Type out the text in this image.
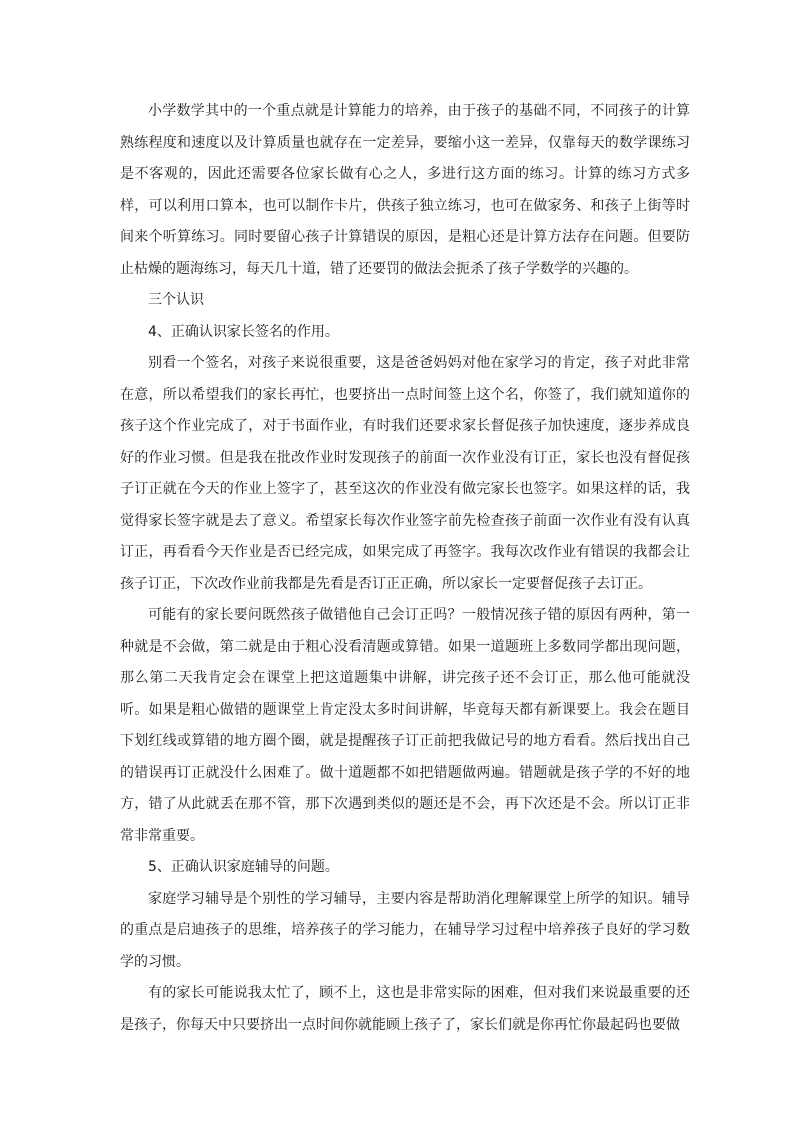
小学数学其中的一个重点就是计算能力的培养，由于孩子的基础不同，不同孩子的计算熟练程度和速度以及计算质量也就存在一定差异，要缩小这一差异，仅靠每天的数学课练习是不客观的，因此还需要各位家长做有心之人，多进行这方面的练习。计算的练习方式多样，可以利用口算本，也可以制作卡片，供孩子独立练习，也可在做家务、和孩子上街等时间来个听算练习。同时要留心孩子计算错误的原因，是粗心还是计算方法存在问题。但要防止枯燥的题海练习，每天几十道，错了还要罚的做法会扼杀了孩子学数学的兴趣的。

三个认识

4、正确认识家长签名的作用。

别看一个签名，对孩子来说很重要，这是爸爸妈妈对他在家学习的肯定，孩子对此非常在意，所以希望我们的家长再忙，也要挤出一点时间签上这个名，你签了，我们就知道你的孩子这个作业完成了，对于书面作业，有时我们还要求家长督促孩子加快速度，逐步养成良好的作业习惯。但是我在批改作业时发现孩子的前面一次作业没有订正，家长也没有督促孩子订正就在今天的作业上签字了，甚至这次的作业没有做完家长也签字。如果这样的话，我觉得家长签字就是去了意义。希望家长每次作业签字前先检查孩子前面一次作业有没有认真订正，再看看今天作业是否已经完成，如果完成了再签字。我每次改作业有错误的我都会让孩子订正，下次改作业前我都是先看是否订正正确，所以家长一定要督促孩子去订正。

可能有的家长要问既然孩子做错他自己会订正吗？一般情况孩子错的原因有两种，第一种就是不会做，第二就是由于粗心没看清题或算错。如果一道题班上多数同学都出现问题，那么第二天我肯定会在课堂上把这道题集中讲解，讲完孩子还不会订正，那么他可能就没听。如果是粗心做错的题课堂上肯定没太多时间讲解，毕竟每天都有新课要上。我会在题目下划红线或算错的地方圈个圈，就是提醒孩子订正前把我做记号的地方看看。然后找出自己的错误再订正就没什么困难了。做十道题都不如把错题做两遍。错题就是孩子学的不好的地方，错了从此就丢在那不管，那下次遇到类似的题还是不会，再下次还是不会。所以订正非常非常重要。

5、正确认识家庭辅导的问题。

家庭学习辅导是个别性的学习辅导，主要内容是帮助消化理解课堂上所学的知识。辅导的重点是启迪孩子的思维，培养孩子的学习能力，在辅导学习过程中培养孩子良好的学习数学的习惯。

有的家长可能说我太忙了，顾不上，这也是非常实际的困难，但对我们来说最重要的还是孩子，你每天中只要挤出一点时间你就能顾上孩子了，家长们就是你再忙你最起码也要做
